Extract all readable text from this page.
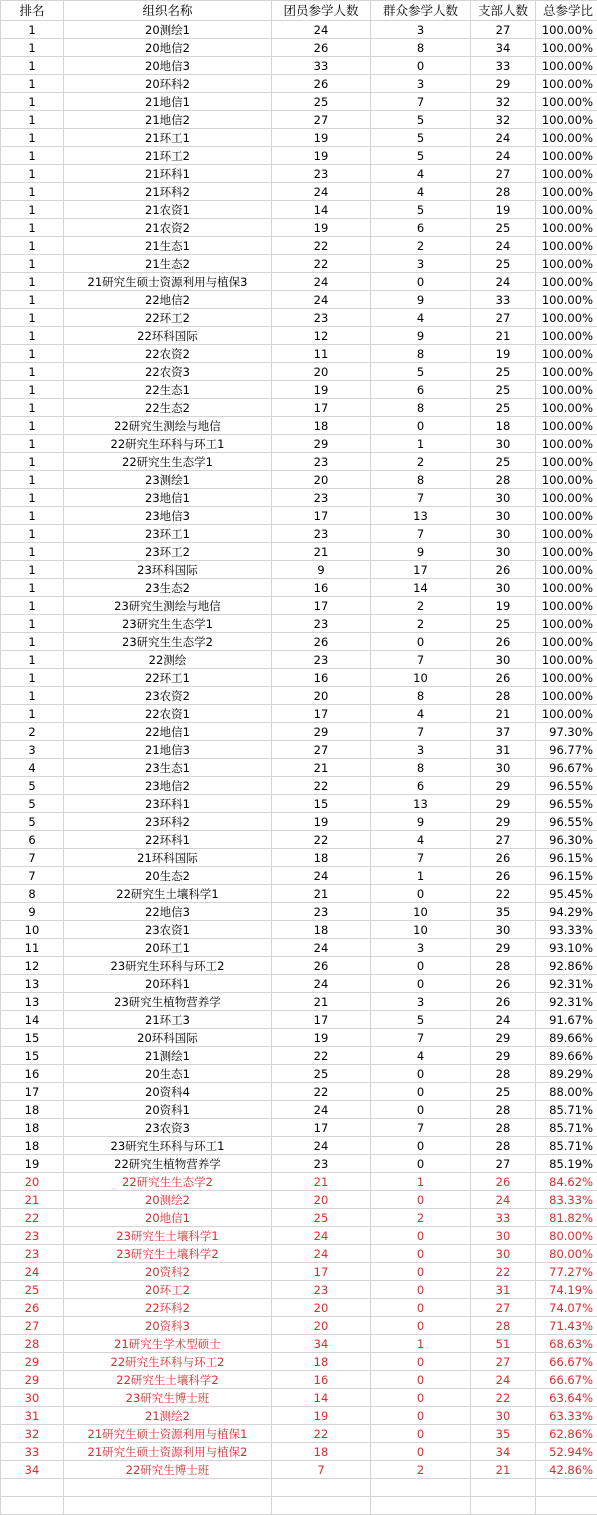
排名	组织名称	团员参学人数	群众参学人数	支部人数	总参学比
1	20测绘1	24	3	27	100.00%
1	20地信2	26	8	34	100.00%
1	20地信3	33	0	33	100.00%
1	20环科2	26	3	29	100.00%
1	21地信1	25	7	32	100.00%
1	21地信2	27	5	32	100.00%
1	21环工1	19	5	24	100.00%
1	21环工2	19	5	24	100.00%
1	21环科1	23	4	27	100.00%
1	21环科2	24	4	28	100.00%
1	21农资1	14	5	19	100.00%
1	21农资2	19	6	25	100.00%
1	21生态1	22	2	24	100.00%
1	21生态2	22	3	25	100.00%
1	21研究生硕士资源利用与植保3	24	0	24	100.00%
1	22地信2	24	9	33	100.00%
1	22环工2	23	4	27	100.00%
1	22环科国际	12	9	21	100.00%
1	22农资2	11	8	19	100.00%
1	22农资3	20	5	25	100.00%
1	22生态1	19	6	25	100.00%
1	22生态2	17	8	25	100.00%
1	22研究生测绘与地信	18	0	18	100.00%
1	22研究生环科与环工1	29	1	30	100.00%
1	22研究生生态学1	23	2	25	100.00%
1	23测绘1	20	8	28	100.00%
1	23地信1	23	7	30	100.00%
1	23地信3	17	13	30	100.00%
1	23环工1	23	7	30	100.00%
1	23环工2	21	9	30	100.00%
1	23环科国际	9	17	26	100.00%
1	23生态2	16	14	30	100.00%
1	23研究生测绘与地信	17	2	19	100.00%
1	23研究生生态学1	23	2	25	100.00%
1	23研究生生态学2	26	0	26	100.00%
1	22测绘	23	7	30	100.00%
1	22环工1	16	10	26	100.00%
1	23农资2	20	8	28	100.00%
1	22农资1	17	4	21	100.00%
2	22地信1	29	7	37	97.30%
3	21地信3	27	3	31	96.77%
4	23生态1	21	8	30	96.67%
5	23地信2	22	6	29	96.55%
5	23环科1	15	13	29	96.55%
5	23环科2	19	9	29	96.55%
6	22环科1	22	4	27	96.30%
7	21环科国际	18	7	26	96.15%
7	20生态2	24	1	26	96.15%
8	22研究生土壤科学1	21	0	22	95.45%
9	22地信3	23	10	35	94.29%
10	23农资1	18	10	30	93.33%
11	20环工1	24	3	29	93.10%
12	23研究生环科与环工2	26	0	28	92.86%
13	20环科1	24	0	26	92.31%
13	23研究生植物营养学	21	3	26	92.31%
14	21环工3	17	5	24	91.67%
15	20环科国际	19	7	29	89.66%
15	21测绘1	22	4	29	89.66%
16	20生态1	25	0	28	89.29%
17	20资科4	22	0	25	88.00%
18	20资科1	24	0	28	85.71%
18	23农资3	17	7	28	85.71%
18	23研究生环科与环工1	24	0	28	85.71%
19	22研究生植物营养学	23	0	27	85.19%
20	22研究生生态学2	21	1	26	84.62%
21	20测绘2	20	0	24	83.33%
22	20地信1	25	2	33	81.82%
23	23研究生土壤科学1	24	0	30	80.00%
23	23研究生土壤科学2	24	0	30	80.00%
24	20资科2	17	0	22	77.27%
25	20环工2	23	0	31	74.19%
26	22环科2	20	0	27	74.07%
27	20资科3	20	0	28	71.43%
28	21研究生学术型硕士	34	1	51	68.63%
29	22研究生环科与环工2	18	0	27	66.67%
29	22研究生土壤科学2	16	0	24	66.67%
30	23研究生博士班	14	0	22	63.64%
31	21测绘2	19	0	30	63.33%
32	21研究生硕士资源利用与植保1	22	0	35	62.86%
33	21研究生硕士资源利用与植保2	18	0	34	52.94%
34	22研究生博士班	7	2	21	42.86%
